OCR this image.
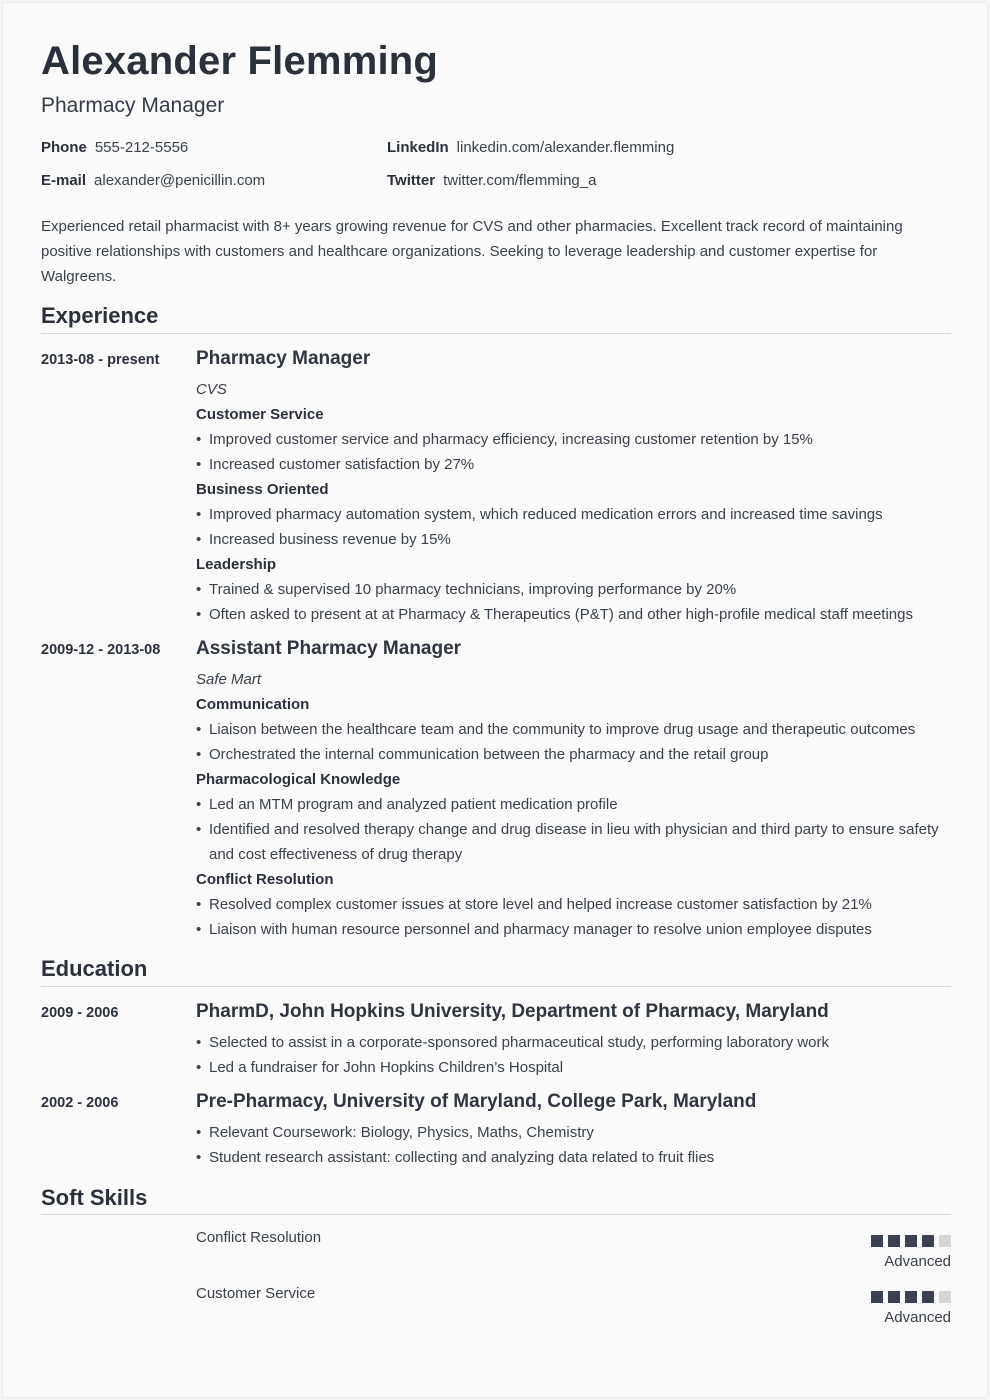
Alexander Flemming
Pharmacy Manager
Phone 555-212-5556	LinkedIn linkedin.com/alexander.flemming
E-mail alexander@penicillin.com	Twitter twitter.com/flemming_a

Experienced retail pharmacist with 8+ years growing revenue for CVS and other pharmacies. Excellent track record of maintaining positive relationships with customers and healthcare organizations. Seeking to leverage leadership and customer expertise for Walgreens.

Experience
2013-08 - present Pharmacy Manager
CVS
Customer Service
• Improved customer service and pharmacy efficiency, increasing customer retention by 15%
• Increased customer satisfaction by 27%
Business Oriented
• Improved pharmacy automation system, which reduced medication errors and increased time savings
• Increased business revenue by 15%
Leadership
• Trained & supervised 10 pharmacy technicians, improving performance by 20%
• Often asked to present at at Pharmacy & Therapeutics (P&T) and other high-profile medical staff meetings
2009-12 - 2013-08 Assistant Pharmacy Manager
Safe Mart
Communication
• Liaison between the healthcare team and the community to improve drug usage and therapeutic outcomes
• Orchestrated the internal communication between the pharmacy and the retail group
Pharmacological Knowledge
• Led an MTM program and analyzed patient medication profile
• Identified and resolved therapy change and drug disease in lieu with physician and third party to ensure safety and cost effectiveness of drug therapy
Conflict Resolution
• Resolved complex customer issues at store level and helped increase customer satisfaction by 21%
• Liaison with human resource personnel and pharmacy manager to resolve union employee disputes
Education
2009 - 2006	PharmD, John Hopkins University, Department of Pharmacy, Maryland
• Selected to assist in a corporate-sponsored pharmaceutical study, performing laboratory work
• Led a fundraiser for John Hopkins Children’s Hospital
2002 - 2006	Pre-Pharmacy, University of Maryland, College Park, Maryland
• Relevant Coursework: Biology, Physics, Maths, Chemistry
• Student research assistant: collecting and analyzing data related to fruit flies
Soft Skills
Conflict Resolution
Advanced
Customer Service
Advanced
